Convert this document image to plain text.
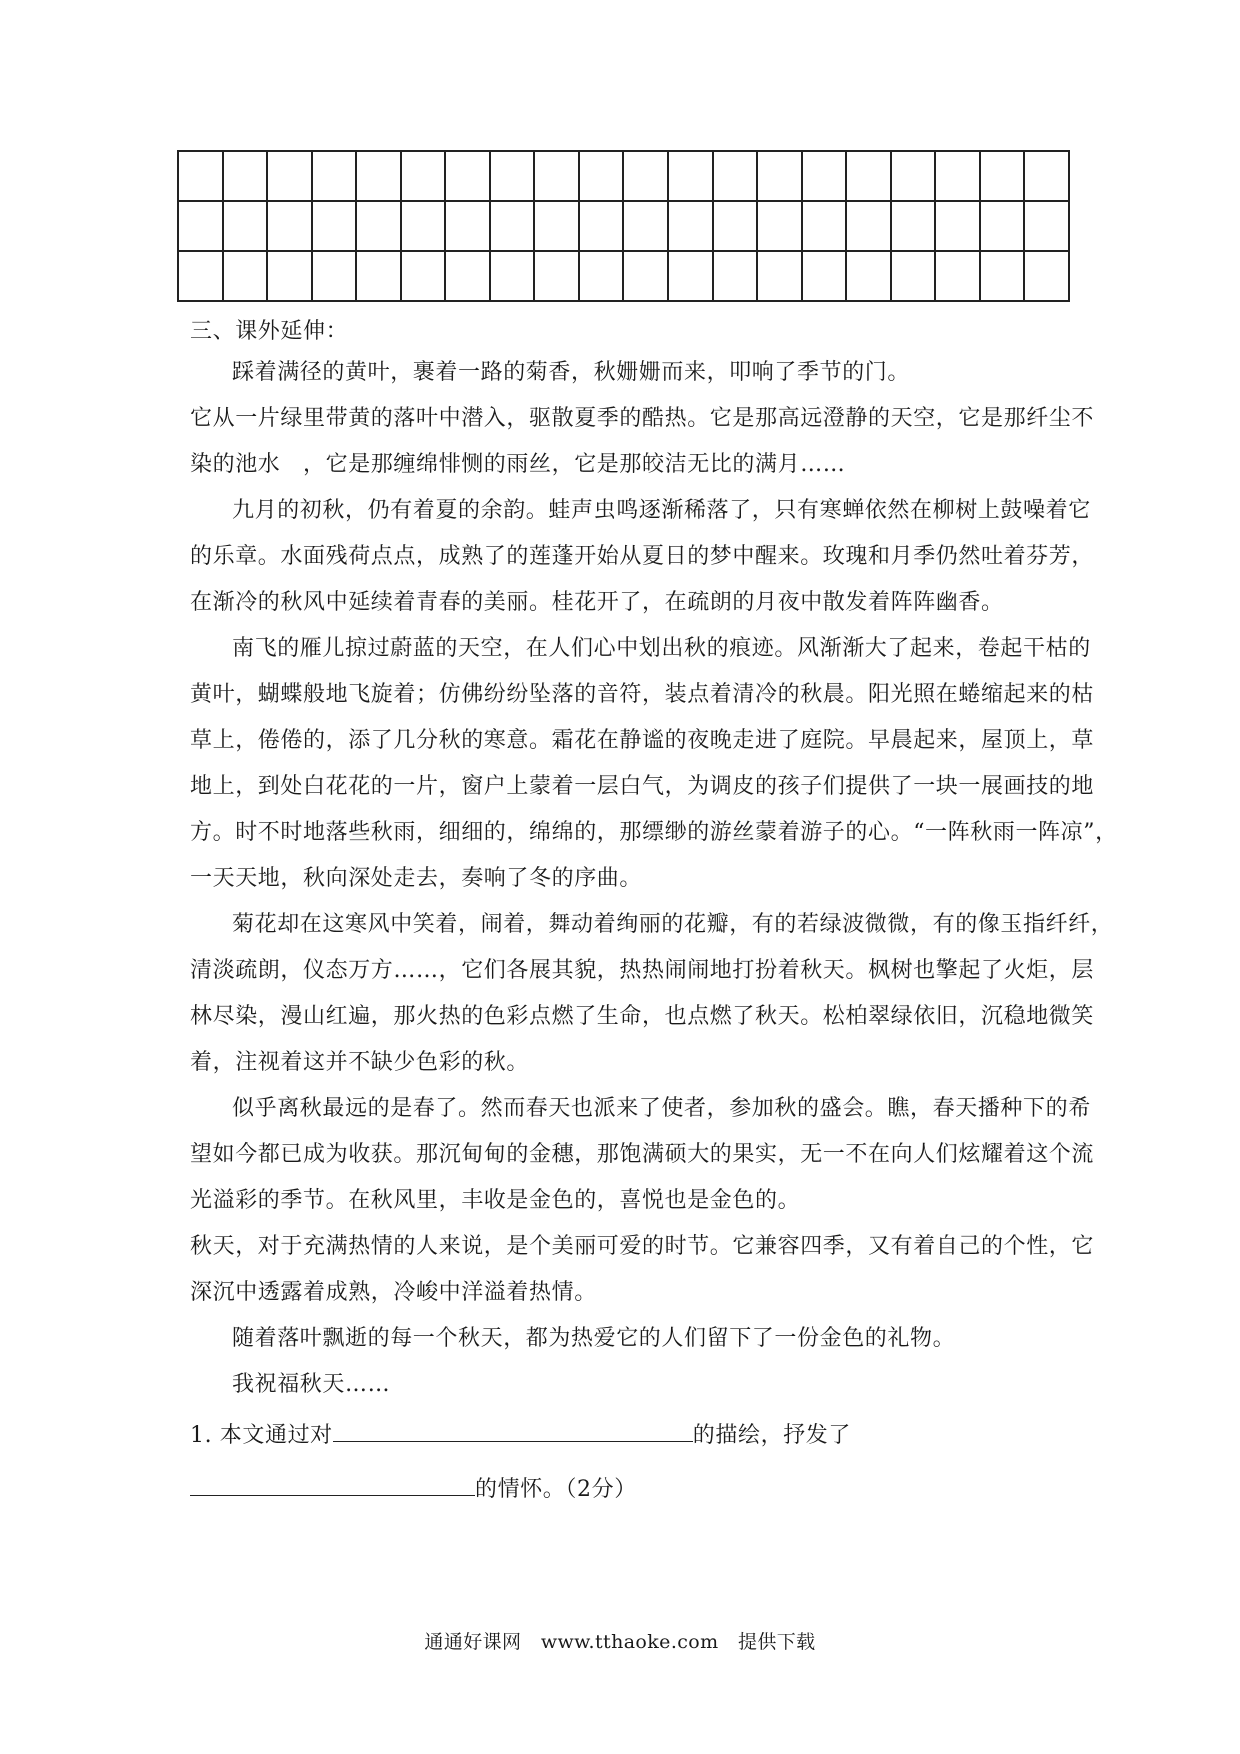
三、课外延伸：
踩着满径的黄叶，裹着一路的菊香，秋姗姗而来，叩响了季节的门。
它从一片绿里带黄的落叶中潜入，驱散夏季的酷热。它是那高远澄静的天空，它是那纤尘不
染的池水　，它是那缠绵悱恻的雨丝，它是那皎洁无比的满月……
九月的初秋，仍有着夏的余韵。蛙声虫鸣逐渐稀落了，只有寒蝉依然在柳树上鼓噪着它
的乐章。水面残荷点点，成熟了的莲蓬开始从夏日的梦中醒来。玫瑰和月季仍然吐着芬芳，
在渐冷的秋风中延续着青春的美丽。桂花开了，在疏朗的月夜中散发着阵阵幽香。
南飞的雁儿掠过蔚蓝的天空，在人们心中划出秋的痕迹。风渐渐大了起来，卷起干枯的
黄叶，蝴蝶般地飞旋着；仿佛纷纷坠落的音符，装点着清冷的秋晨。阳光照在蜷缩起来的枯
草上，倦倦的，添了几分秋的寒意。霜花在静谧的夜晚走进了庭院。早晨起来，屋顶上，草
地上，到处白花花的一片，窗户上蒙着一层白气，为调皮的孩子们提供了一块一展画技的地
方。时不时地落些秋雨，细细的，绵绵的，那缥缈的游丝蒙着游子的心。“一阵秋雨一阵凉”，
一天天地，秋向深处走去，奏响了冬的序曲。
菊花却在这寒风中笑着，闹着，舞动着绚丽的花瓣，有的若绿波微微，有的像玉指纤纤，
清淡疏朗，仪态万方……，它们各展其貌，热热闹闹地打扮着秋天。枫树也擎起了火炬，层
林尽染，漫山红遍，那火热的色彩点燃了生命，也点燃了秋天。松柏翠绿依旧，沉稳地微笑
着，注视着这并不缺少色彩的秋。
似乎离秋最远的是春了。然而春天也派来了使者，参加秋的盛会。瞧，春天播种下的希
望如今都已成为收获。那沉甸甸的金穗，那饱满硕大的果实，无一不在向人们炫耀着这个流
光溢彩的季节。在秋风里，丰收是金色的，喜悦也是金色的。
秋天，对于充满热情的人来说，是个美丽可爱的时节。它兼容四季，又有着自己的个性，它
深沉中透露着成熟，冷峻中洋溢着热情。
随着落叶飘逝的每一个秋天，都为热爱它的人们留下了一份金色的礼物。
我祝福秋天……
1. 本文通过对	的描绘，抒发了
的情怀。（2分）
通通好课网　www.tthaoke.com　提供下载
